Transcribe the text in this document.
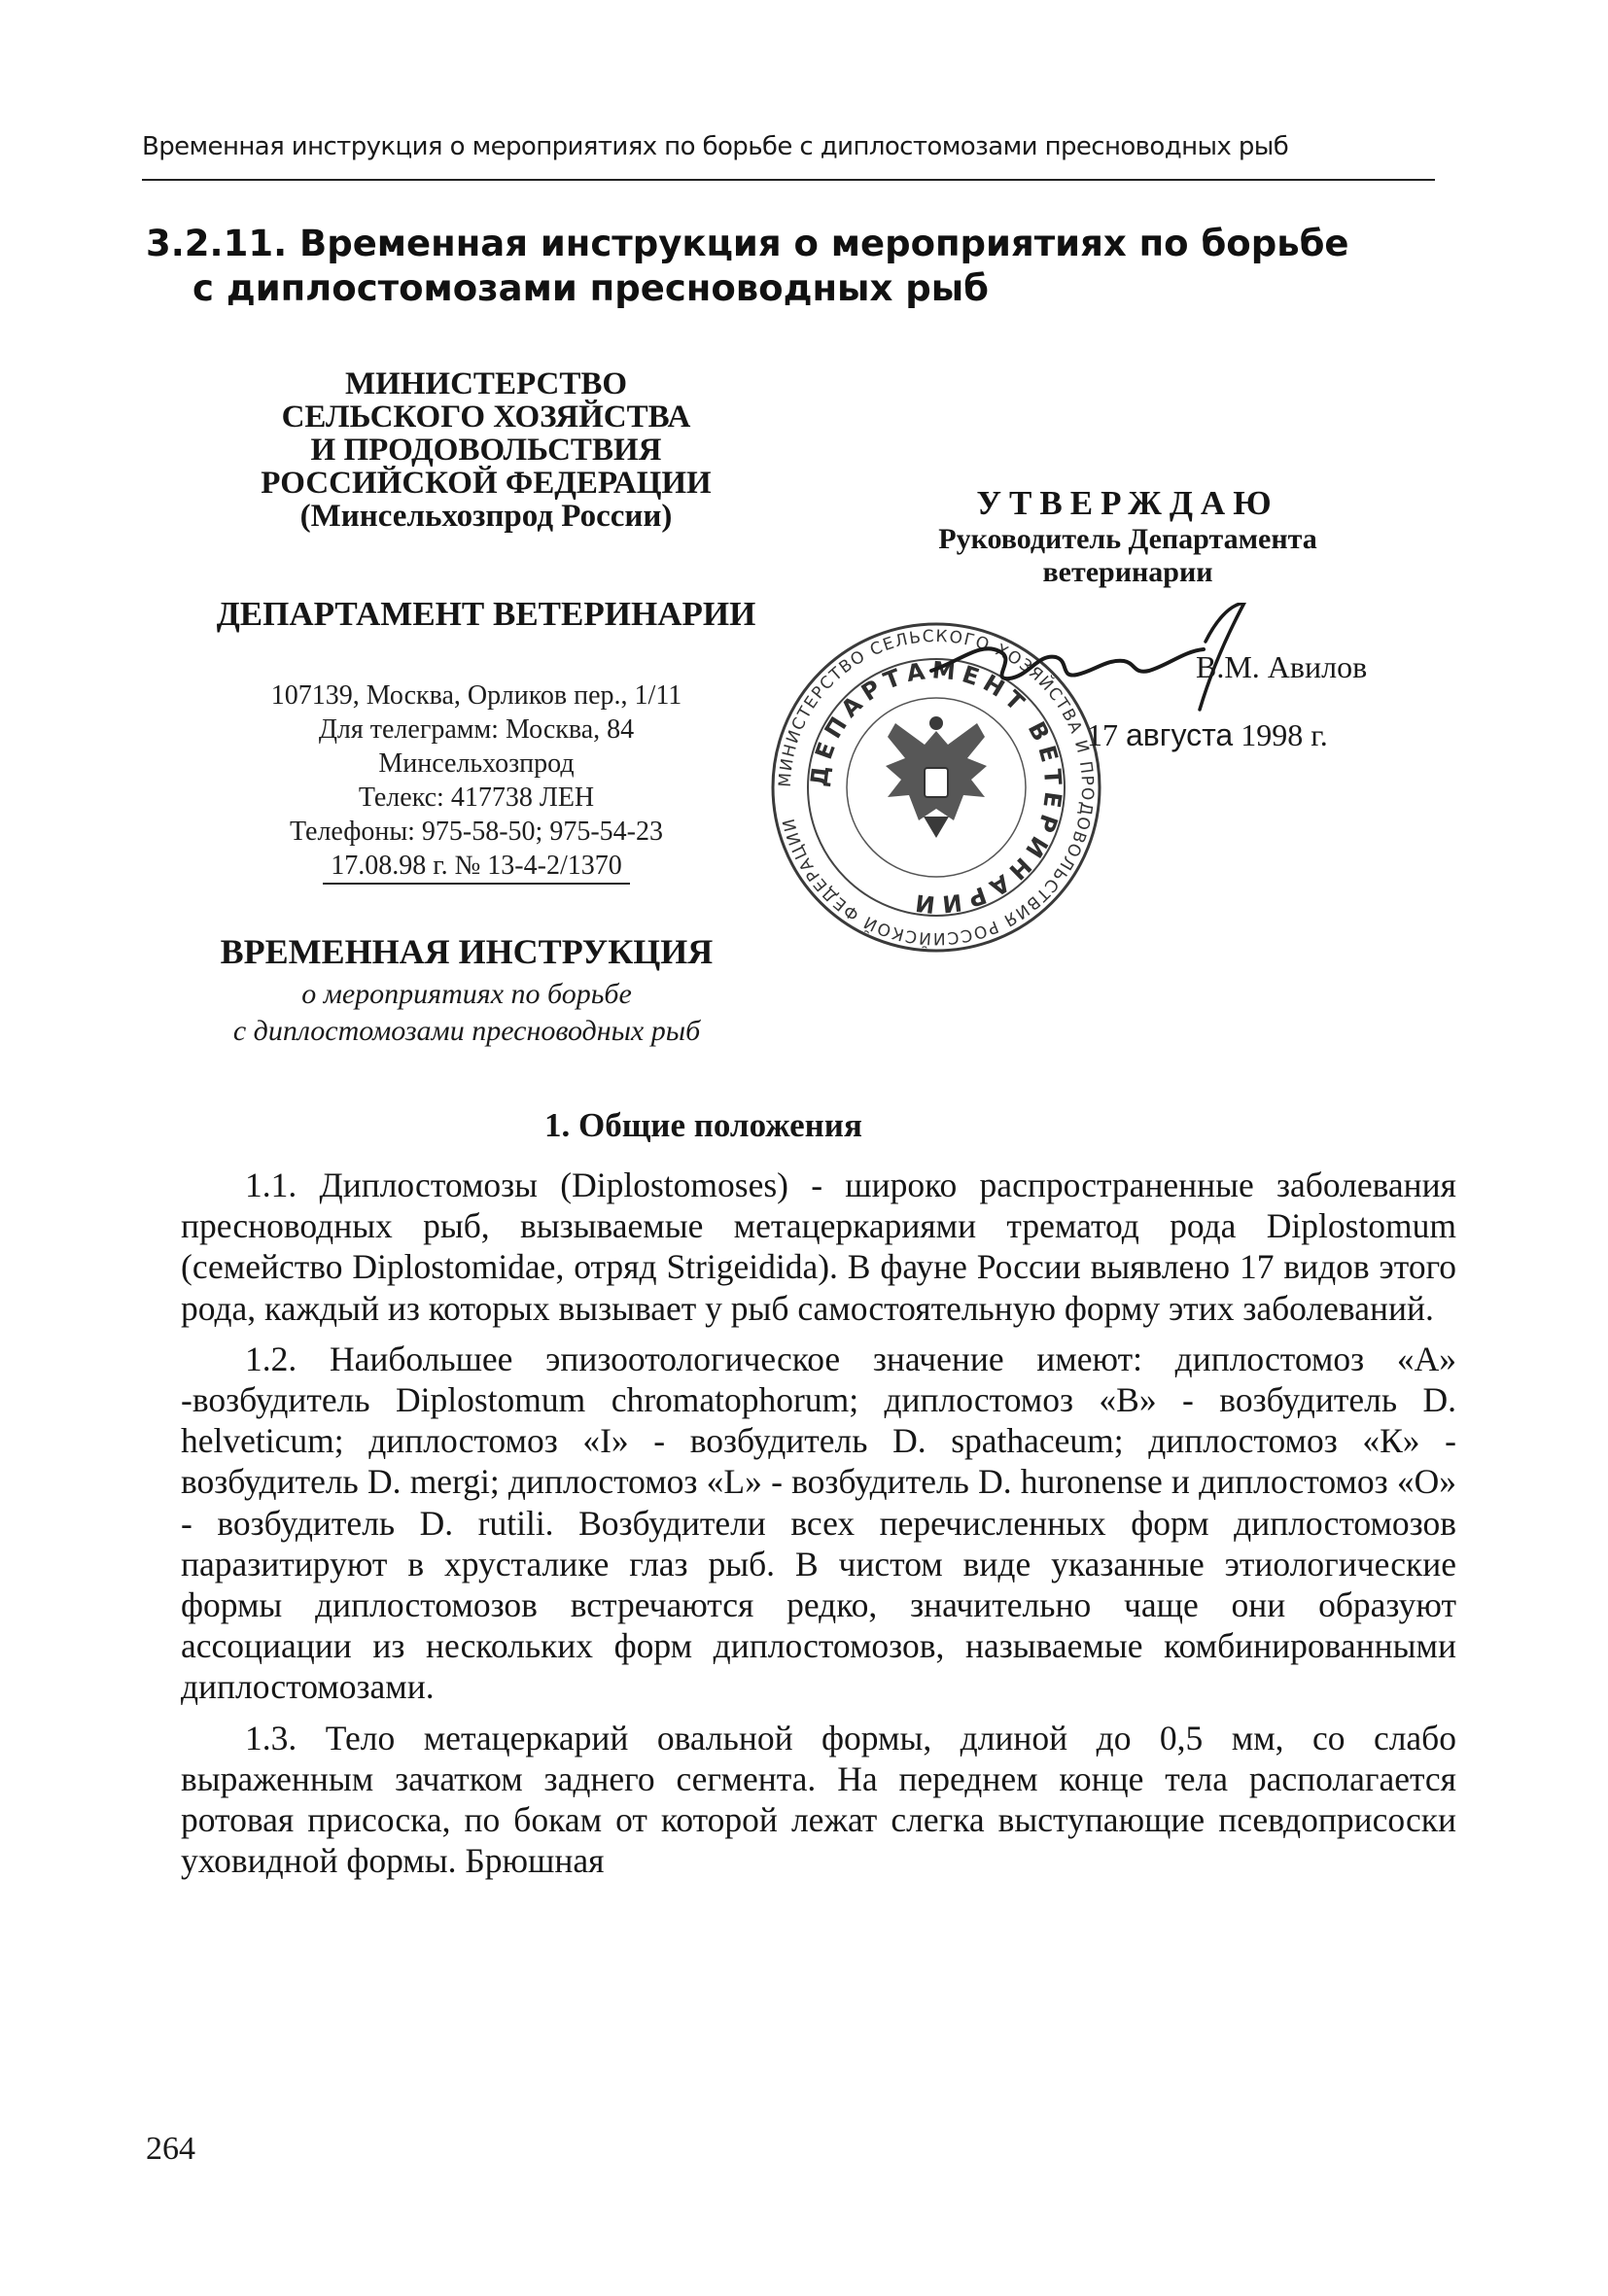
Временная инструкция о мероприятиях по борьбе с диплостомозами пресноводных рыб
3.2.11. Временная инструкция о мероприятиях по борьбе
с диплостомозами пресноводных рыб
МИНИСТЕРСТВО
СЕЛЬСКОГО ХОЗЯЙСТВА
И ПРОДОВОЛЬСТВИЯ
РОССИЙСКОЙ ФЕДЕРАЦИИ
(Минсельхозпрод России)
ДЕПАРТАМЕНТ ВЕТЕРИНАРИИ
107139, Москва, Орликов пер., 1/11
Для телеграмм: Москва, 84
Минсельхозпрод
Телекс: 417738 ЛЕН
Телефоны: 975-58-50; 975-54-23
17.08.98 г. № 13-4-2/1370
УТВЕРЖДАЮ
Руководитель Департамента
ветеринарии
МИНИСТЕРСТВО СЕЛЬСКОГО ХОЗЯЙСТВА И ПРОДОВОЛЬСТВИЯ РОССИЙСКОЙ ФЕДЕРАЦИИ
ДЕПАРТАМЕНТ ВЕТЕРИНАРИИ
В.М. Авилов
17 августа 1998 г.
ВРЕМЕННАЯ ИНСТРУКЦИЯ
о мероприятиях по борьбе
с диплостомозами пресноводных рыб
1. Общие положения

1.1. Диплостомозы (Diplostomoses) - широко распространенные заболевания пресноводных рыб, вызываемые метацеркариями трематод рода Diplostomum (семейство Diplostomidae, отряд Strigeidida). В фауне России выявлено 17 видов этого рода, каждый из которых вызывает у рыб самостоятельную форму этих заболеваний.

1.2. Наибольшее эпизоотологическое значение имеют: диплостомоз «А» -возбудитель Diplostomum chromatophorum; диплостомоз «В» - возбудитель D. helveticum; диплостомоз «I» - возбудитель D. spathaceum; диплостомоз «К» - возбудитель D. mergi; диплостомоз «L» - возбудитель D. huronense и диплостомоз «О» - возбудитель D. rutili. Возбудители всех перечисленных форм диплостомозов паразитируют в хрусталике глаз рыб. В чистом виде указанные этиологические формы диплостомозов встречаются редко, значительно чаще они образуют ассоциации из нескольких форм диплостомозов, называемые комбинированными диплостомозами.

1.3. Тело метацеркарий овальной формы, длиной до 0,5 мм, со слабо выраженным зачатком заднего сегмента. На переднем конце тела располагается ротовая присоска, по бокам от которой лежат слегка выступающие псевдоприсоски уховидной формы. Брюшная

264
